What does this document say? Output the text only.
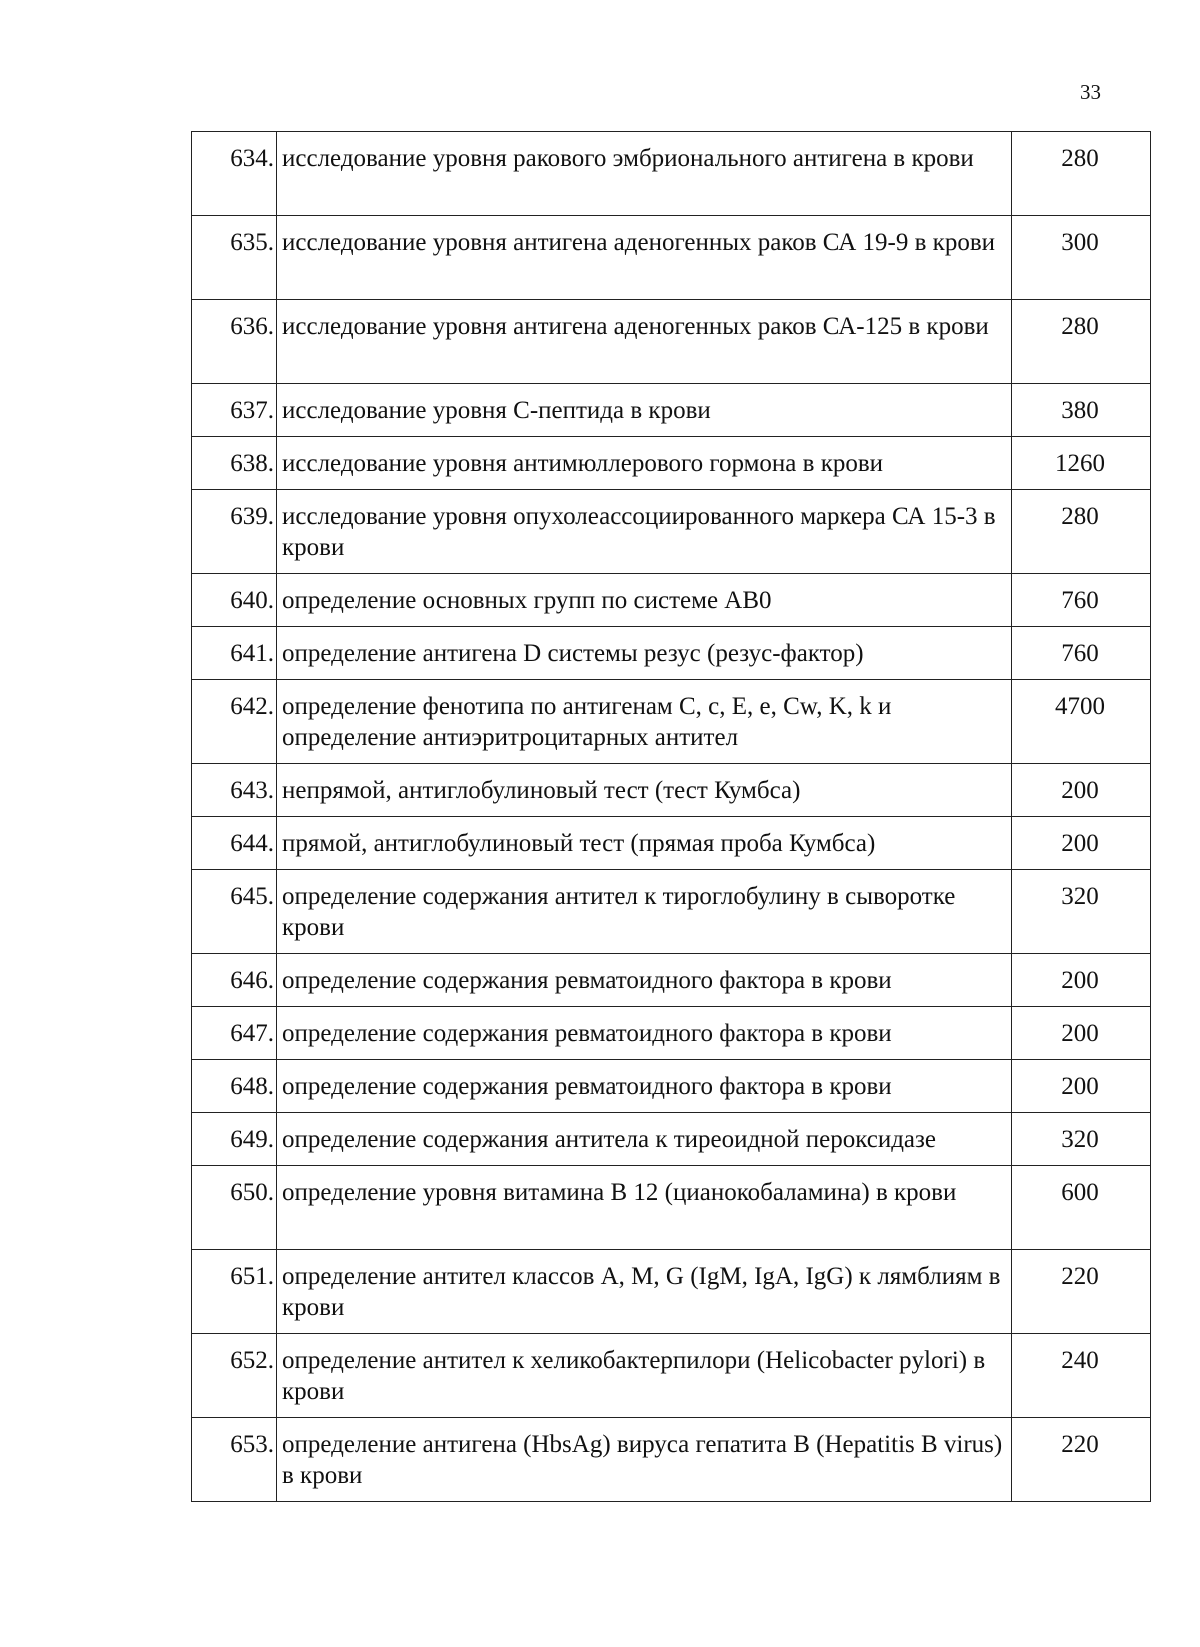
33
634.	исследование уровня ракового эмбрионального антигена в крови	280
635.	исследование уровня антигена аденогенных раков СА 19-9 в крови	300
636.	исследование уровня антигена аденогенных раков СА-125 в крови	280
637.	исследование уровня С-пептида в крови	380
638.	исследование уровня антимюллерового гормона в крови	1260
639.	исследование уровня опухолеассоциированного маркера СА 15-3 в крови	280
640.	определение основных групп по системе АВ0	760
641.	определение антигена D системы резус (резус-фактор)	760
642.	определение фенотипа по антигенам С, с, Е, е, Cw, K, k и определение антиэритроцитарных антител	4700
643.	непрямой, антиглобулиновый тест (тест Кумбса)	200
644.	прямой, антиглобулиновый тест (прямая проба Кумбса)	200
645.	определение содержания антител к тироглобулину в сыворотке крови	320
646.	определение содержания ревматоидного фактора в крови	200
647.	определение содержания ревматоидного фактора в крови	200
648.	определение содержания ревматоидного фактора в крови	200
649.	определение содержания антитела к тиреоидной пероксидазе	320
650.	определение уровня витамина В 12 (цианокобаламина) в крови	600
651.	определение антител классов A, M, G (IgM, IgA, IgG) к лямблиям в крови	220
652.	определение антител к хеликобактерпилори (Helicobacter pylori) в крови	240
653.	определение антигена (HbsAg) вируса гепатита В (Hepatitis В virus) в крови	220
